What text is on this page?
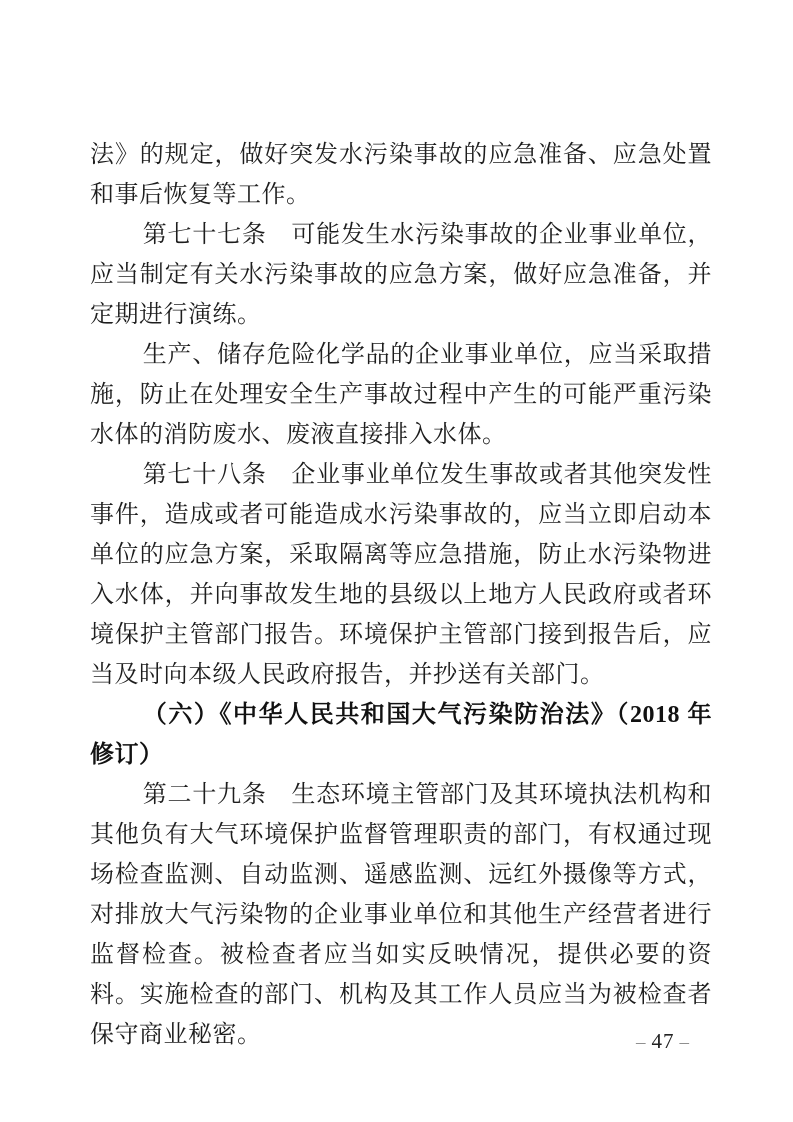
法》的规定，做好突发水污染事故的应急准备、应急处置和事后恢复等工作。

第七十七条　可能发生水污染事故的企业事业单位，应当制定有关水污染事故的应急方案，做好应急准备，并定期进行演练。

生产、储存危险化学品的企业事业单位，应当采取措施，防止在处理安全生产事故过程中产生的可能严重污染水体的消防废水、废液直接排入水体。

第七十八条　企业事业单位发生事故或者其他突发性事件，造成或者可能造成水污染事故的，应当立即启动本单位的应急方案，采取隔离等应急措施，防止水污染物进入水体，并向事故发生地的县级以上地方人民政府或者环境保护主管部门报告。环境保护主管部门接到报告后，应当及时向本级人民政府报告，并抄送有关部门。

（六）《中华人民共和国大气污染防治法》（2018 年修订）

第二十九条　生态环境主管部门及其环境执法机构和其他负有大气环境保护监督管理职责的部门，有权通过现场检查监测、自动监测、遥感监测、远红外摄像等方式，对排放大气污染物的企业事业单位和其他生产经营者进行监督检查。被检查者应当如实反映情况，提供必要的资料。实施检查的部门、机构及其工作人员应当为被检查者保守商业秘密。	– 47 –
